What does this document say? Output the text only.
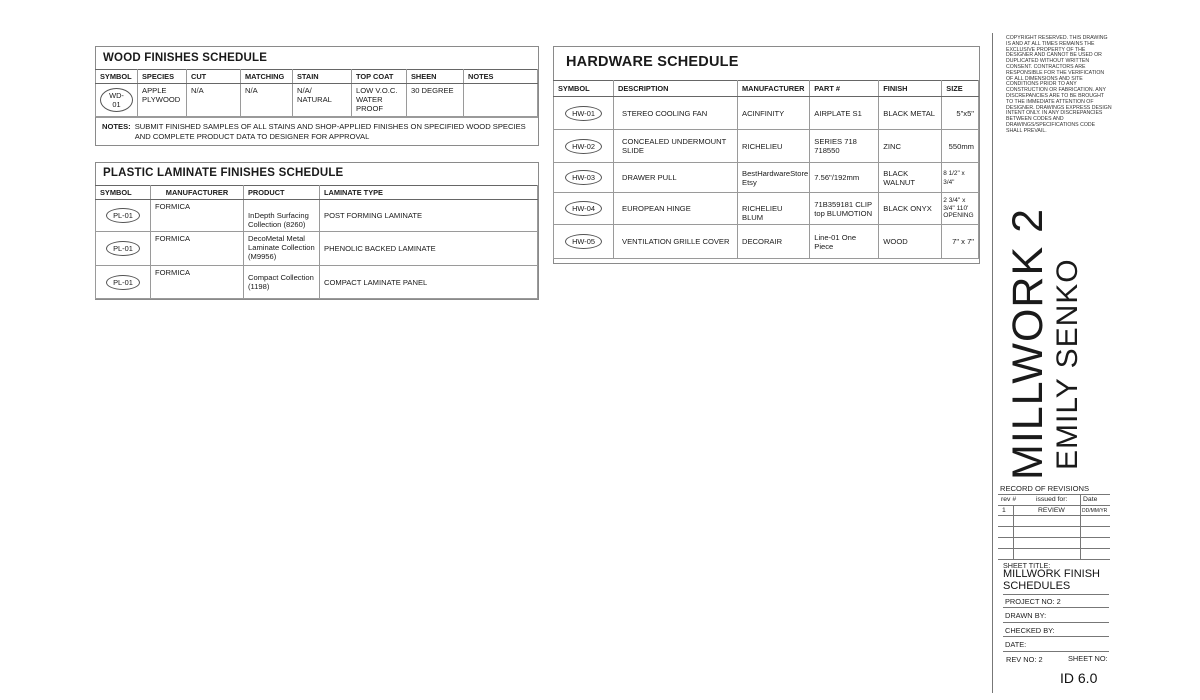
WOOD FINISHES SCHEDULE
SYMBOL	SPECIES	CUT	MATCHING	STAIN	TOP COAT	SHEEN	NOTES
WD-01	APPLE PLYWOOD	N/A	N/A	N/A/ NATURAL	LOW V.O.C. WATER PROOF	30 DEGREE	
NOTES: SUBMIT FINISHED SAMPLES OF ALL STAINS AND SHOP-APPLIED FINISHES ON SPECIFIED WOOD SPECIES AND COMPLETE PRODUCT DATA TO DESIGNER FOR APPROVAL
PLASTIC LAMINATE FINISHES SCHEDULE
SYMBOL	MANUFACTURER	PRODUCT	LAMINATE TYPE
PL-01	FORMICA	InDepth Surfacing Collection (8260)	POST FORMING LAMINATE
PL-01	FORMICA	DecoMetal Metal Laminate Collection (M9956)	PHENOLIC BACKED LAMINATE
PL-01	FORMICA	Compact Collection (1198)	COMPACT LAMINATE PANEL
HARDWARE SCHEDULE
SYMBOL	DESCRIPTION	MANUFACTURER	PART #	FINISH	SIZE
HW-01	STEREO COOLING FAN	ACINFINITY	AIRPLATE S1	BLACK METAL	5"x5"
HW-02	CONCEALED UNDERMOUNT SLIDE	RICHELIEU	SERIES 718 718550	ZINC	550mm
HW-03	DRAWER PULL	BestHardwareStore Etsy	7.56"/192mm	BLACK WALNUT	8 1/2" x 3/4"
HW-04	EUROPEAN HINGE	RICHELIEU BLUM	71B359181 CLIP top BLUMOTION	BLACK ONYX	2 3/4" x 3/4" 110' OPENING
HW-05	VENTILATION GRILLE COVER	DECORAIR	Line-01 One Piece	WOOD	7" x 7"
COPYRIGHT RESERVED. THIS DRAWING IS AND AT ALL TIMES REMAINS THE EXCLUSIVE PROPERTY OF THE DESIGNER AND CANNOT BE USED OR DUPLICATED WITHOUT WRITTEN CONSENT. CONTRACTORS ARE RESPONSIBLE FOR THE VERIFICATION OF ALL DIMENSIONS AND SITE CONDITIONS PRIOR TO ANY CONSTRUCTION OR FABRICATION. ANY DISCREPANCIES ARE TO BE BROUGHT TO THE IMMEDIATE ATTENTION OF DESIGNER. DRAWINGS EXPRESS DESIGN INTENT ONLY. IN ANY DISCREPANCIES BETWEEN CODES AND DRAWINGS/SPECIFICATIONS CODE SHALL PREVAIL.
MILLWORK 2 EMILY SENKO
RECORD OF REVISIONS
rev #	issued for: Date
1	REVIEW	DD/MM/YR
SHEET TITLE:
MILLWORK FINISH
SCHEDULES
PROJECT NO: 2
DRAWN BY:
CHECKED BY:
DATE:
REV NO: 2	SHEET NO:
ID 6.0
